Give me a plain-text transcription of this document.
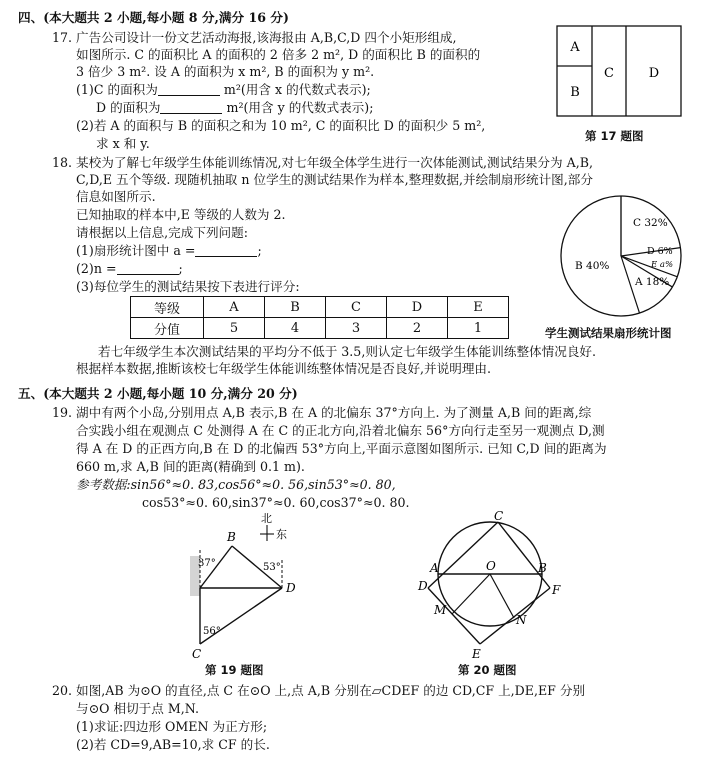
四、(本大题共 2 小题,每小题 8 分,满分 16 分)
17. 广告公司设计一份文艺活动海报,该海报由 A,B,C,D 四个小矩形组成,
如图所示. C 的面积比 A 的面积的 2 倍多 2 m², D 的面积比 B 的面积的
3 倍少 3 m². 设 A 的面积为 x m², B 的面积为 y m².
(1)C 的面积为	m²(用含 x 的代数式表示);
D 的面积为	m²(用含 y 的代数式表示);
(2)若 A 的面积与 B 的面积之和为 10 m², C 的面积比 D 的面积少 5 m²,
求 x 和 y.
A
B
C	D
第 17 题图
18. 某校为了解七年级学生体能训练情况,对七年级全体学生进行一次体能测试,测试结果分为 A,B,
C,D,E 五个等级. 现随机抽取 n 位学生的测试结果作为样本,整理数据,并绘制扇形统计图,部分
信息如图所示.
已知抽取的样本中,E 等级的人数为 2.
请根据以上信息,完成下列问题:
(1)扇形统计图中 a =	;
(2)n =	;
(3)每位学生的测试结果按下表进行评分:
等级	A	B	C	D	E
分值	5	4	3	2	1
若七年级学生本次测试结果的平均分不低于 3.5,则认定七年级学生体能训练整体情况良好.
根据样本数据,推断该校七年级学生体能训练整体情况是否良好,并说明理由.
C 32%
D 6%
E a%
A 18%
B 40%
学生测试结果扇形统计图
五、(本大题共 2 小题,每小题 10 分,满分 20 分)
19. 湖中有两个小岛,分别用点 A,B 表示,B 在 A 的北偏东 37°方向上. 为了测量 A,B 间的距离,综
合实践小组在观测点 C 处测得 A 在 C 的正北方向,沿着北偏东 56°方向行走至另一观测点 D,测
得 A 在 D 的正西方向,B 在 D 的北偏西 53°方向上,平面示意图如图所示. 已知 C,D 间的距离为
660 m,求 A,B 间的距离(精确到 0.1 m).
参考数据:sin56°≈0. 83,cos56°≈0. 56,sin53°≈0. 80,
cos53°≈0. 60,sin37°≈0. 60,cos37°≈0. 80.
北
东
37°	53°
56°
B
D
C
第 19 题图
C
A
D
O	B
F
M
N
E
第 20 题图
20. 如图,AB 为⊙O 的直径,点 C 在⊙O 上,点 A,B 分别在▱CDEF 的边 CD,CF 上,DE,EF 分别
与⊙O 相切于点 M,N.
(1)求证:四边形 OMEN 为正方形;
(2)若 CD=9,AB=10,求 CF 的长.
